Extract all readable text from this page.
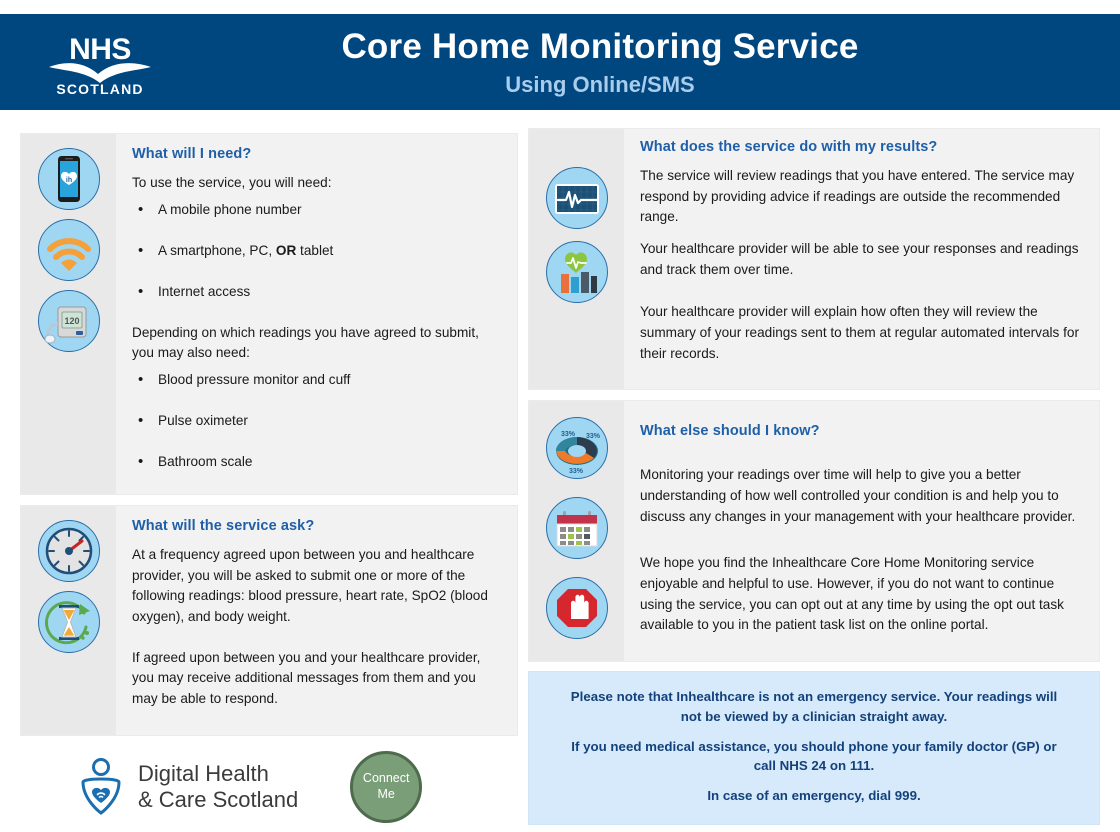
NHS
SCOTLAND
Core Home Monitoring Service
Using Online/SMS
ih
120
What will I need?
To use the service, you will need:
• A mobile phone number
• A smartphone, PC, OR tablet
• Internet access
Depending on which readings you have agreed to submit, you may also need:
• Blood pressure monitor and cuff
• Pulse oximeter
• Bathroom scale
What will the service ask?
At a frequency agreed upon between you and healthcare provider, you will be asked to submit one or more of the following readings: blood pressure, heart rate, SpO2 (blood oxygen), and body weight.
If agreed upon between you and your healthcare provider, you may receive additional messages from them and you may be able to respond.
Digital Health
& Care Scotland
Connect
Me
What does the service do with my results?
The service will review readings that you have entered. The service may respond by providing advice if readings are outside the recommended range.
Your healthcare provider will be able to see your responses and readings and track them over time.
Your healthcare provider will explain how often they will review the summary of your readings sent to them at regular automated intervals for their records.
33% 33%
33%
What else should I know?
Monitoring your readings over time will help to give you a better understanding of how well controlled your condition is and help you to discuss any changes in your management with your healthcare provider.
We hope you find the Inhealthcare Core Home Monitoring service enjoyable and helpful to use. However, if you do not want to continue using the service, you can opt out at any time by using the opt out task available to you in the patient task list on the online portal.

Please note that Inhealthcare is not an emergency service. Your readings will not be viewed by a clinician straight away.

If you need medical assistance, you should phone your family doctor (GP) or call NHS 24 on 111.

In case of an emergency, dial 999.
